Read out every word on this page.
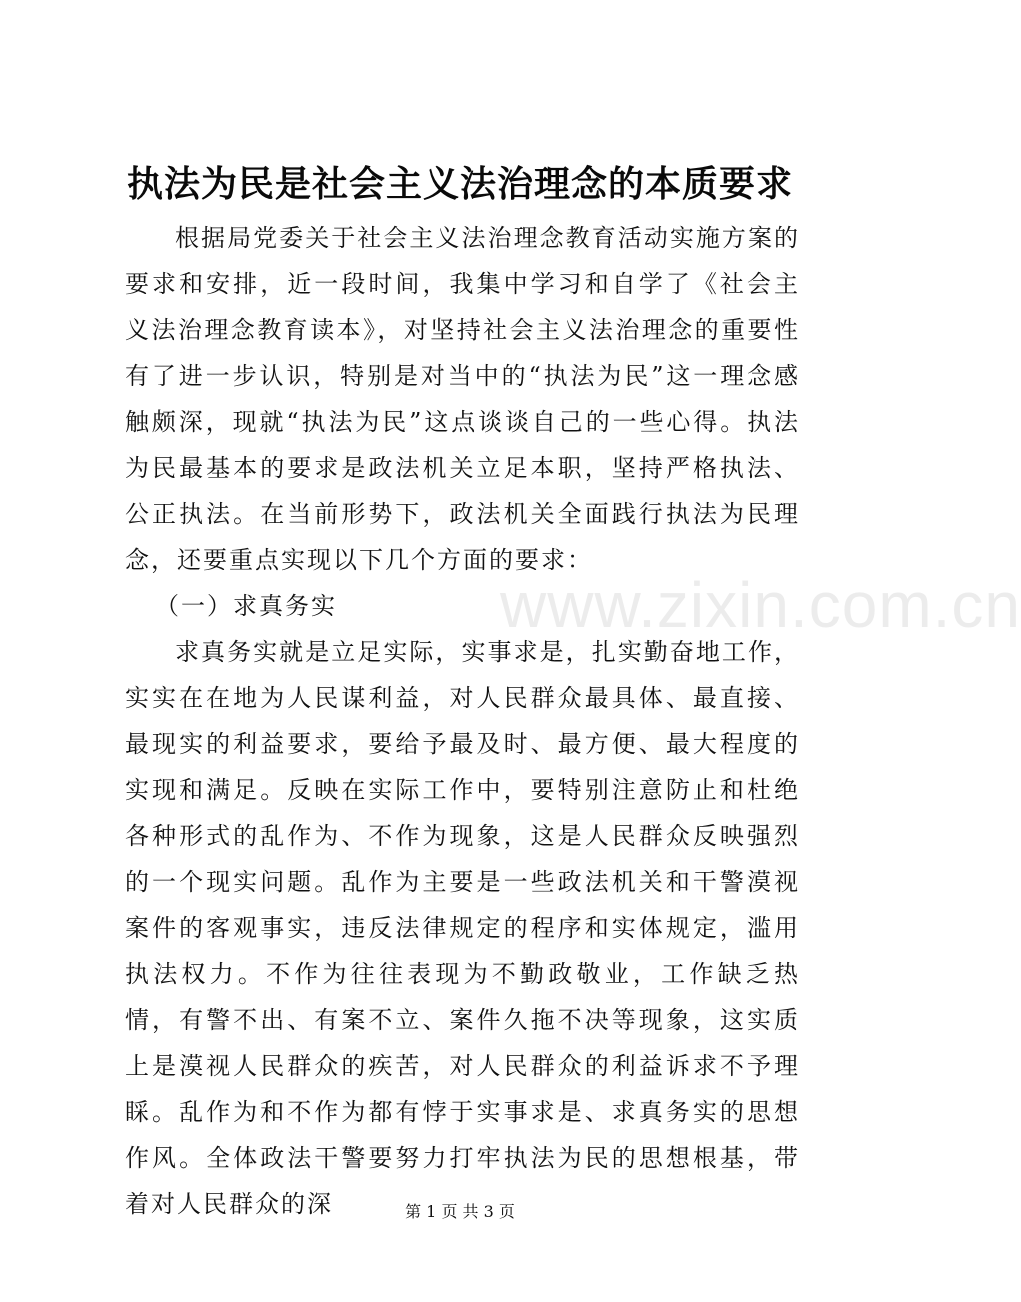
执法为民是社会主义法治理念的本质要求

根据局党委关于社会主义法治理念教育活动实施方案的要求和安排，近一段时间，我集中学习和自学了《社会主义法治理念教育读本》，对坚持社会主义法治理念的重要性有了进一步认识，特别是对当中的“执法为民”这一理念感触颇深，现就“执法为民”这点谈谈自己的一些心得。执法为民最基本的要求是政法机关立足本职，坚持严格执法、公正执法。在当前形势下，政法机关全面践行执法为民理念，还要重点实现以下几个方面的要求：

（一）求真务实

求真务实就是立足实际，实事求是，扎实勤奋地工作，实实在在地为人民谋利益，对人民群众最具体、最直接、最现实的利益要求，要给予最及时、最方便、最大程度的实现和满足。反映在实际工作中，要特别注意防止和杜绝各种形式的乱作为、不作为现象，这是人民群众反映强烈的一个现实问题。乱作为主要是一些政法机关和干警漠视案件的客观事实，违反法律规定的程序和实体规定，滥用执法权力。不作为往往表现为不勤政敬业，工作缺乏热情，有警不出、有案不立、案件久拖不决等现象，这实质上是漠视人民群众的疾苦，对人民群众的利益诉求不予理睬。乱作为和不作为都有悖于实事求是、求真务实的思想作风。全体政法干警要努力打牢执法为民的思想根基，带着对人民群众的深

www.zixin.com.cn
第 1 页 共 3 页
